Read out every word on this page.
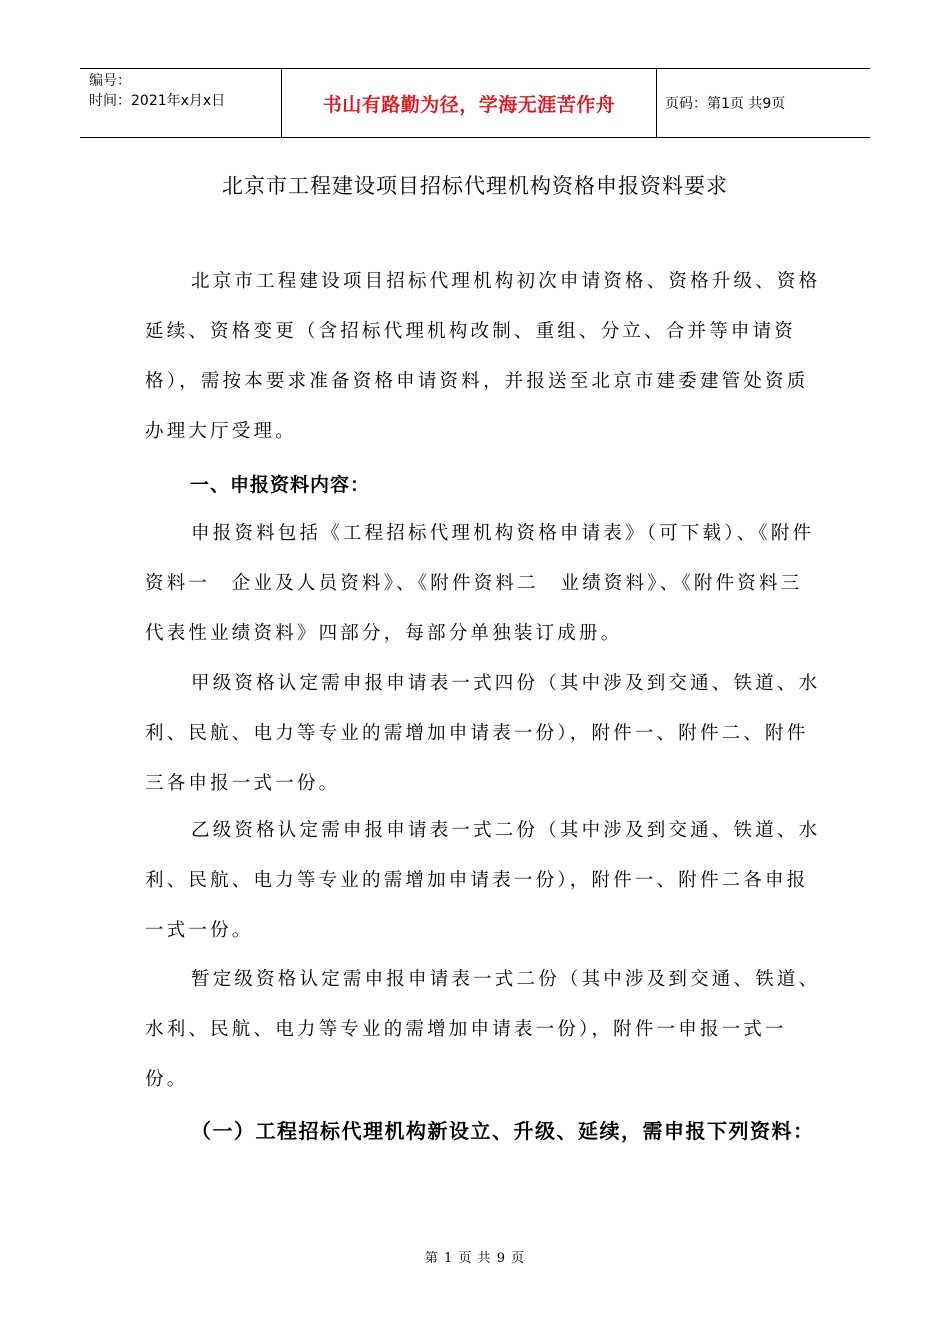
编号：
时间：2021年x月x日	书山有路勤为径，学海无涯苦作舟	页码：第1页 共9页
北京市工程建设项目招标代理机构资格申报资料要求

北京市工程建设项目招标代理机构初次申请资格、资格升级、资格延续、资格变更（含招标代理机构改制、重组、分立、合并等申请资格），需按本要求准备资格申请资料，并报送至北京市建委建管处资质办理大厅受理。

一、申报资料内容：

申报资料包括《工程招标代理机构资格申请表》（可下载）、《附件资料一　企业及人员资料》、《附件资料二　业绩资料》、《附件资料三　代表性业绩资料》四部分，每部分单独装订成册。

甲级资格认定需申报申请表一式四份（其中涉及到交通、铁道、水利、民航、电力等专业的需增加申请表一份），附件一、附件二、附件三各申报一式一份。

乙级资格认定需申报申请表一式二份（其中涉及到交通、铁道、水利、民航、电力等专业的需增加申请表一份），附件一、附件二各申报一式一份。

暂定级资格认定需申报申请表一式二份（其中涉及到交通、铁道、水利、民航、电力等专业的需增加申请表一份），附件一申报一式一份。

（一）工程招标代理机构新设立、升级、延续，需申报下列资料：

第 1 页 共 9 页
